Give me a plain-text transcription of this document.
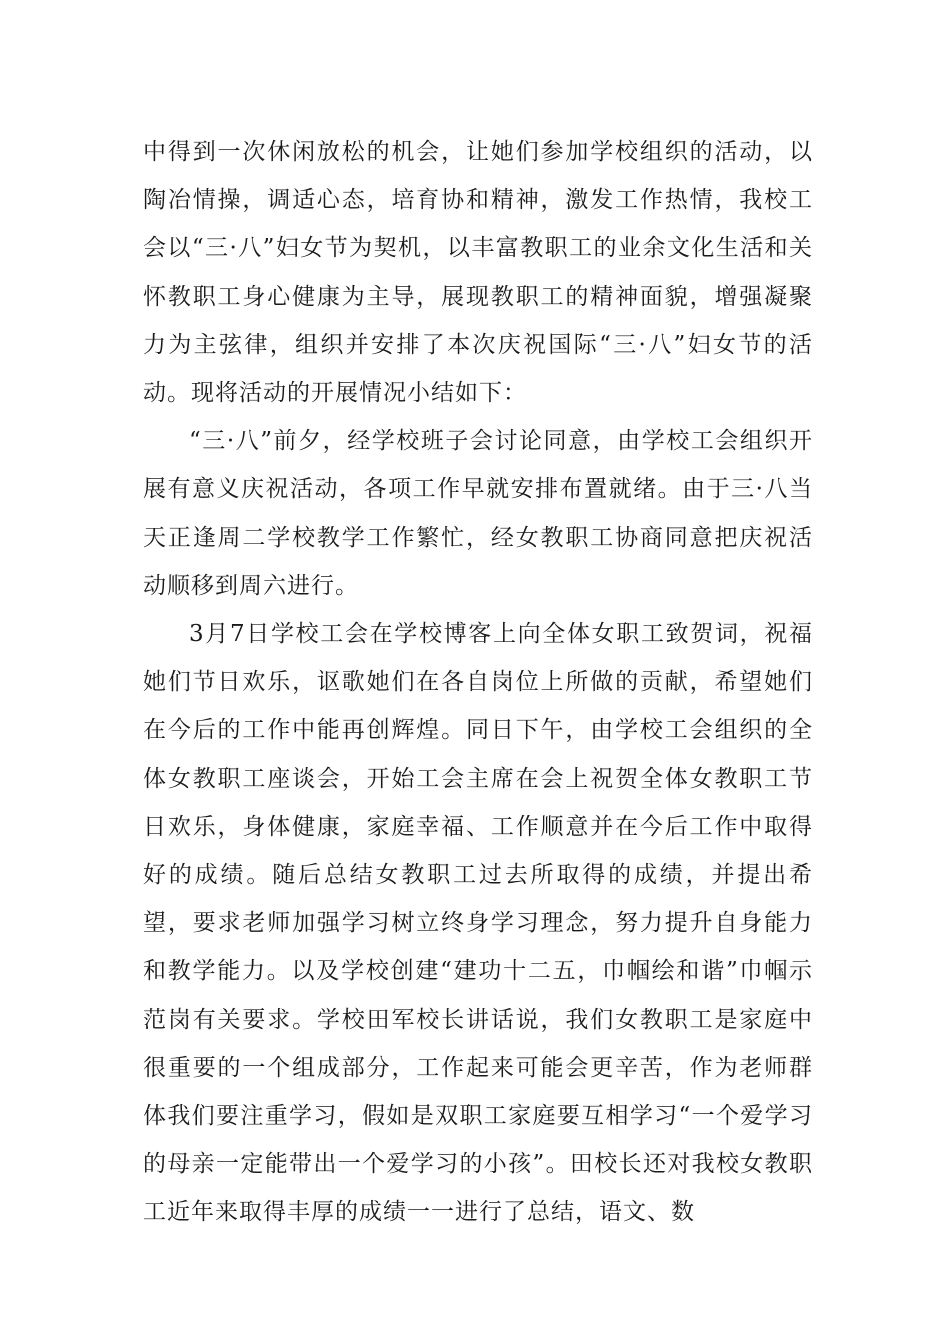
中得到一次休闲放松的机会，让她们参加学校组织的活动，以陶冶情操，调适心态，培育协和精神，激发工作热情，我校工会以“三·八”妇女节为契机，以丰富教职工的业余文化生活和关怀教职工身心健康为主导，展现教职工的精神面貌，增强凝聚力为主弦律，组织并安排了本次庆祝国际“三·八”妇女节的活动。现将活动的开展情况小结如下：

“三·八”前夕，经学校班子会讨论同意，由学校工会组织开展有意义庆祝活动，各项工作早就安排布置就绪。由于三·八当天正逢周二学校教学工作繁忙，经女教职工协商同意把庆祝活动顺移到周六进行。

3月7日学校工会在学校博客上向全体女职工致贺词，祝福她们节日欢乐，讴歌她们在各自岗位上所做的贡献，希望她们在今后的工作中能再创辉煌。同日下午，由学校工会组织的全体女教职工座谈会，开始工会主席在会上祝贺全体女教职工节日欢乐，身体健康，家庭幸福、工作顺意并在今后工作中取得好的成绩。随后总结女教职工过去所取得的成绩，并提出希望，要求老师加强学习树立终身学习理念，努力提升自身能力和教学能力。以及学校创建“建功十二五，巾帼绘和谐”巾帼示范岗有关要求。学校田军校长讲话说，我们女教职工是家庭中很重要的一个组成部分，工作起来可能会更辛苦，作为老师群体我们要注重学习，假如是双职工家庭要互相学习“一个爱学习的母亲一定能带出一个爱学习的小孩”。田校长还对我校女教职工近年来取得丰厚的成绩一一进行了总结，语文、数
